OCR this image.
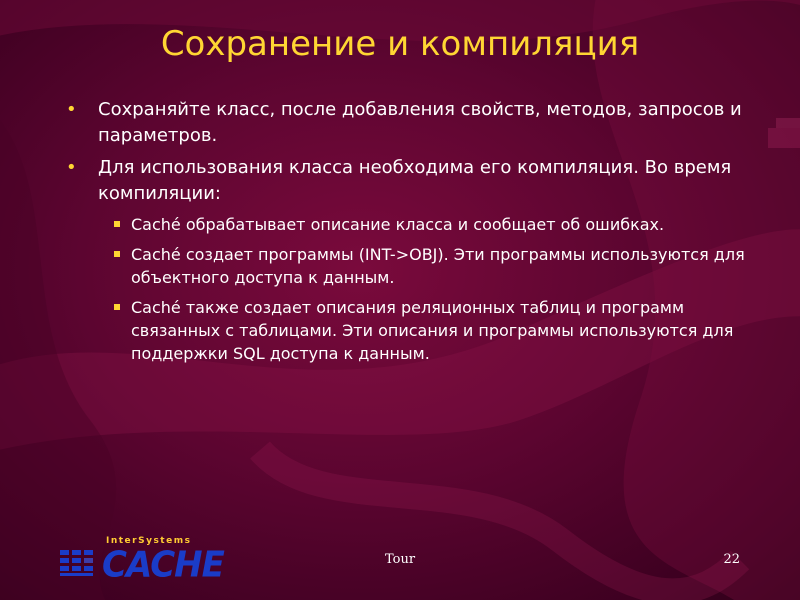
Сохранение и компиляция
• Сохраняйте класс, после добавления свойств, методов, запросов и параметров.
• Для использования класса необходима его компиляция. Во время компиляции:
Caché обрабатывает описание класса и сообщает об ошибках.
Caché создает программы (INT->OBJ). Эти программы используются для объектного доступа к данным.
Caché также создает описания реляционных таблиц и программ связанных с таблицами. Эти описания и программы используются для поддержки SQL доступа к данным.
InterSystems
CACHE	Tour	22
